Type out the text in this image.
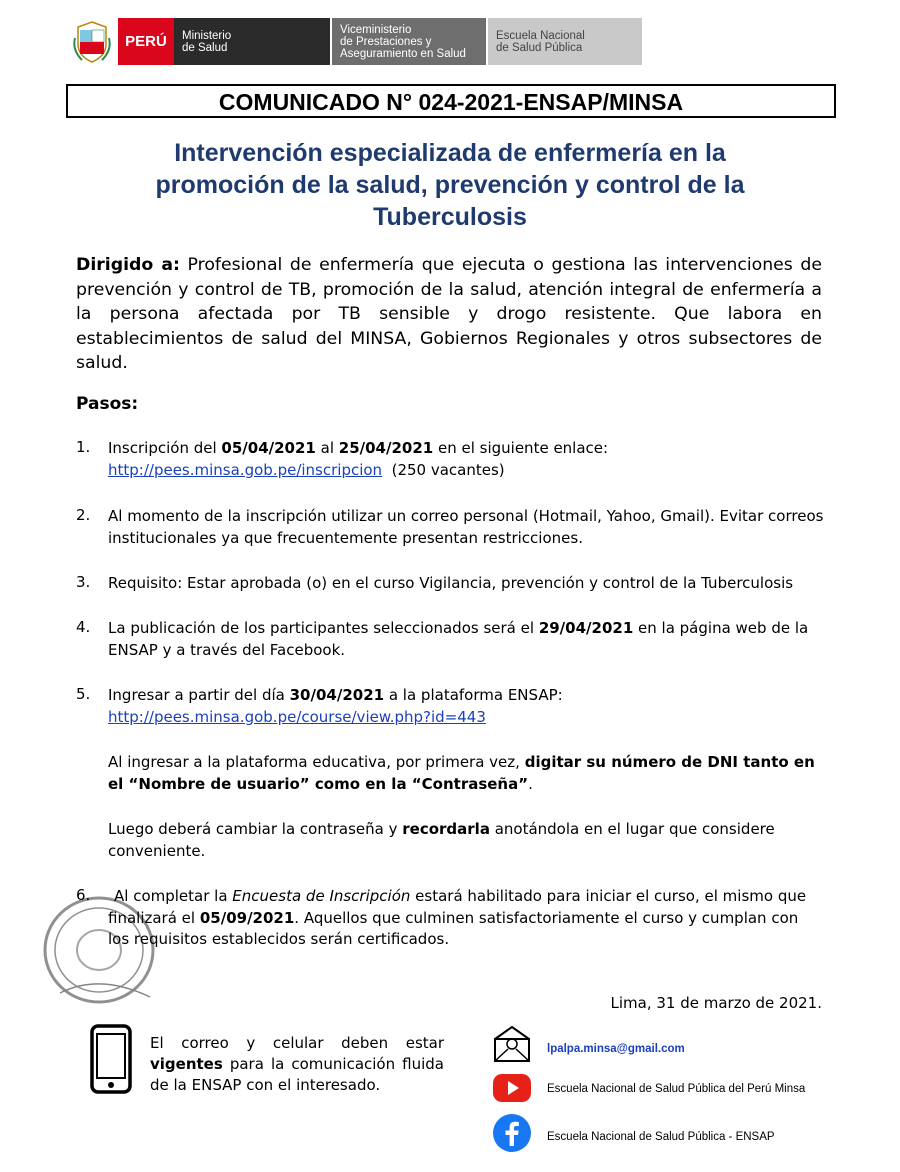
PERÚ	Ministerio
de Salud
Viceministerio
de Prestaciones y
Aseguramiento en Salud
Escuela Nacional
de Salud Pública
COMUNICADO N° 024-2021-ENSAP/MINSA
Intervención especializada de enfermería en la
promoción de la salud, prevención y control de la
Tuberculosis
Dirigido a: Profesional de enfermería que ejecuta o gestiona las intervenciones de prevención y control de TB, promoción de la salud, atención integral de enfermería a la persona afectada por TB sensible y drogo resistente. Que labora en establecimientos de salud del MINSA, Gobiernos Regionales y otros subsectores de salud.
Pasos:
1. Inscripción del 05/04/2021 al 25/04/2021 en el siguiente enlace:
http://pees.minsa.gob.pe/inscripcion (250 vacantes)
2. Al momento de la inscripción utilizar un correo personal (Hotmail, Yahoo, Gmail). Evitar correos institucionales ya que frecuentemente presentan restricciones.
3. Requisito: Estar aprobada (o) en el curso Vigilancia, prevención y control de la Tuberculosis
4. La publicación de los participantes seleccionados será el 29/04/2021 en la página web de la ENSAP y a través del Facebook.
5. Ingresar a partir del día 30/04/2021 a la plataforma ENSAP:
http://pees.minsa.gob.pe/course/view.php?id=443
Al ingresar a la plataforma educativa, por primera vez, digitar su número de DNI tanto en el “Nombre de usuario” como en la “Contraseña”.
Luego deberá cambiar la contraseña y recordarla anotándola en el lugar que considere conveniente.
6.	Al completar la Encuesta de Inscripción estará habilitado para iniciar el curso, el mismo que finalizará el 05/09/2021. Aquellos que culminen satisfactoriamente el curso y cumplan con los requisitos establecidos serán certificados.
Lima, 31 de marzo de 2021.
El correo y celular deben estar vigentes para la comunicación fluida de la ENSAP con el interesado.
lpalpa.minsa@gmail.com
Escuela Nacional de Salud Pública del Perú Minsa
Escuela Nacional de Salud Pública - ENSAP
